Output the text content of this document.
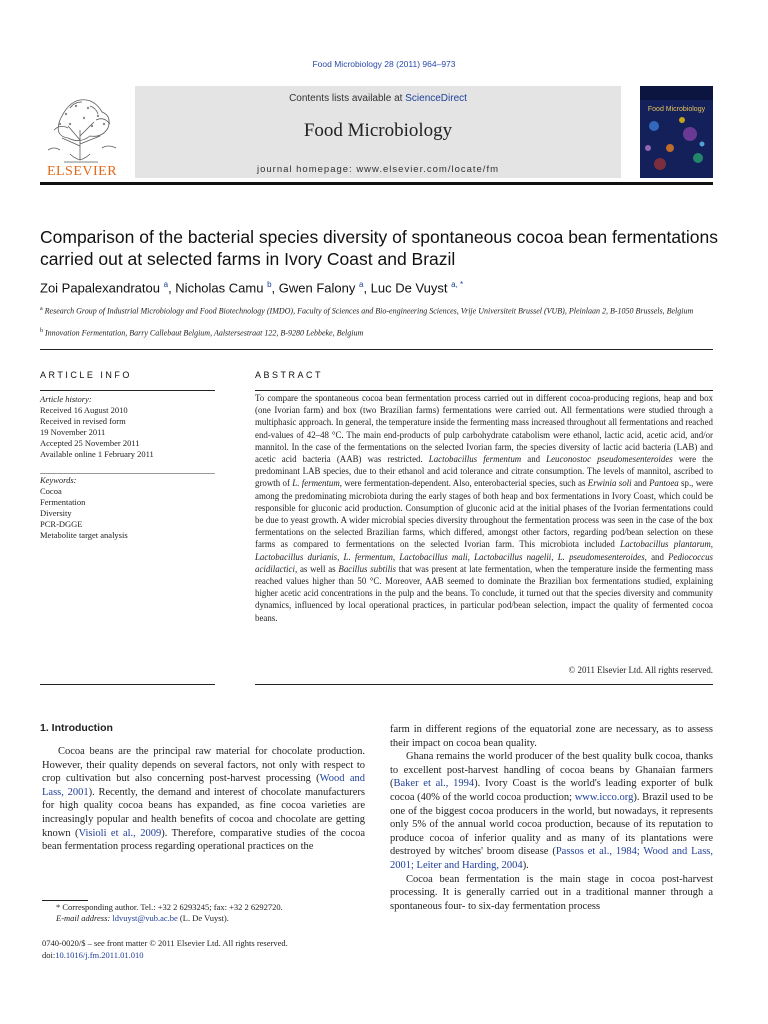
Food Microbiology 28 (2011) 964–973
ELSEVIER
Contents lists available at ScienceDirect
Food Microbiology
journal homepage: www.elsevier.com/locate/fm
Food Microbiology
Comparison of the bacterial species diversity of spontaneous cocoa bean fermentations carried out at selected farms in Ivory Coast and Brazil
Zoi Papalexandratou $^a$, Nicholas Camu $^b$, Gwen Falony $^a$, Luc De Vuyst $^{a, *}$
$^a$ Research Group of Industrial Microbiology and Food Biotechnology (IMDO), Faculty of Sciences and Bio-engineering Sciences, Vrije Universiteit Brussel (VUB), Pleinlaan 2, B-1050 Brussels, Belgium
$^b$ Innovation Fermentation, Barry Callebaut Belgium, Aalstersestraat 122, B-9280 Lebbeke, Belgium
ARTICLE INFO	ABSTRACT
Article history:
Received 16 August 2010
Received in revised form
19 November 2011
Accepted 25 November 2011
Available online 1 February 2011
Keywords:
Cocoa
Fermentation
Diversity
PCR-DGGE
Metabolite target analysis
To compare the spontaneous cocoa bean fermentation process carried out in different cocoa-producing regions, heap and box (one Ivorian farm) and box (two Brazilian farms) fermentations were carried out. All fermentations were studied through a multiphasic approach. In general, the temperature inside the fermenting mass increased throughout all fermentations and reached end-values of 42–48 °C. The main end-products of pulp carbohydrate catabolism were ethanol, lactic acid, acetic acid, and/or mannitol. In the case of the fermentations on the selected Ivorian farm, the species diversity of lactic acid bacteria (LAB) and acetic acid bacteria (AAB) was restricted. Lactobacillus fermentum and Leuconostoc pseudomesenteroides were the predominant LAB species, due to their ethanol and acid tolerance and citrate consumption. The levels of mannitol, ascribed to growth of L. fermentum, were fermentation-dependent. Also, enterobacterial species, such as Erwinia soli and Pantoea sp., were among the predominating microbiota during the early stages of both heap and box fermentations in Ivory Coast, which could be responsible for gluconic acid production. Consumption of gluconic acid at the initial phases of the Ivorian fermentations could be due to yeast growth. A wider microbial species diversity throughout the fermentation process was seen in the case of the box fermentations on the selected Brazilian farms, which differed, amongst other factors, regarding pod/bean selection on these farms as compared to fermentations on the selected Ivorian farm. This microbiota included Lactobacillus plantarum, Lactobacillus durianis, L. fermentum, Lactobacillus mali, Lactobacillus nagelii, L. pseudomesenteroides, and Pediococcus acidilactici, as well as Bacillus subtilis that was present at late fermentation, when the temperature inside the fermenting mass reached values higher than 50 °C. Moreover, AAB seemed to dominate the Brazilian box fermentations studied, explaining higher acetic acid concentrations in the pulp and the beans. To conclude, it turned out that the species diversity and community dynamics, influenced by local operational practices, in particular pod/bean selection, impact the quality of fermented cocoa beans.
© 2011 Elsevier Ltd. All rights reserved.
1. Introduction

Cocoa beans are the principal raw material for chocolate production. However, their quality depends on several factors, not only with respect to crop cultivation but also concerning post-harvest processing (Wood and Lass, 2001). Recently, the demand and interest of chocolate manufacturers for high quality cocoa beans has expanded, as fine cocoa varieties are increasingly popular and health benefits of cocoa and chocolate are getting known (Visioli et al., 2009). Therefore, comparative studies of the cocoa bean fermentation process regarding operational practices on the

farm in different regions of the equatorial zone are necessary, as to assess their impact on cocoa bean quality.

Ghana remains the world producer of the best quality bulk cocoa, thanks to excellent post-harvest handling of cocoa beans by Ghanaian farmers (Baker et al., 1994). Ivory Coast is the world's leading exporter of bulk cocoa (40% of the world cocoa production; www.icco.org). Brazil used to be one of the biggest cocoa producers in the world, but nowadays, it represents only 5% of the annual world cocoa production, because of its reputation to produce cocoa of inferior quality and as many of its plantations were destroyed by witches' broom disease (Passos et al., 1984; Wood and Lass, 2001; Leiter and Harding, 2004).

Cocoa bean fermentation is the main stage in cocoa post-harvest processing. It is generally carried out in a traditional manner through a spontaneous four- to six-day fermentation process

* Corresponding author. Tel.: +32 2 6293245; fax: +32 2 6292720.
E-mail address: ldvuyst@vub.ac.be (L. De Vuyst).
0740-0020/$ – see front matter © 2011 Elsevier Ltd. All rights reserved.
doi:10.1016/j.fm.2011.01.010
